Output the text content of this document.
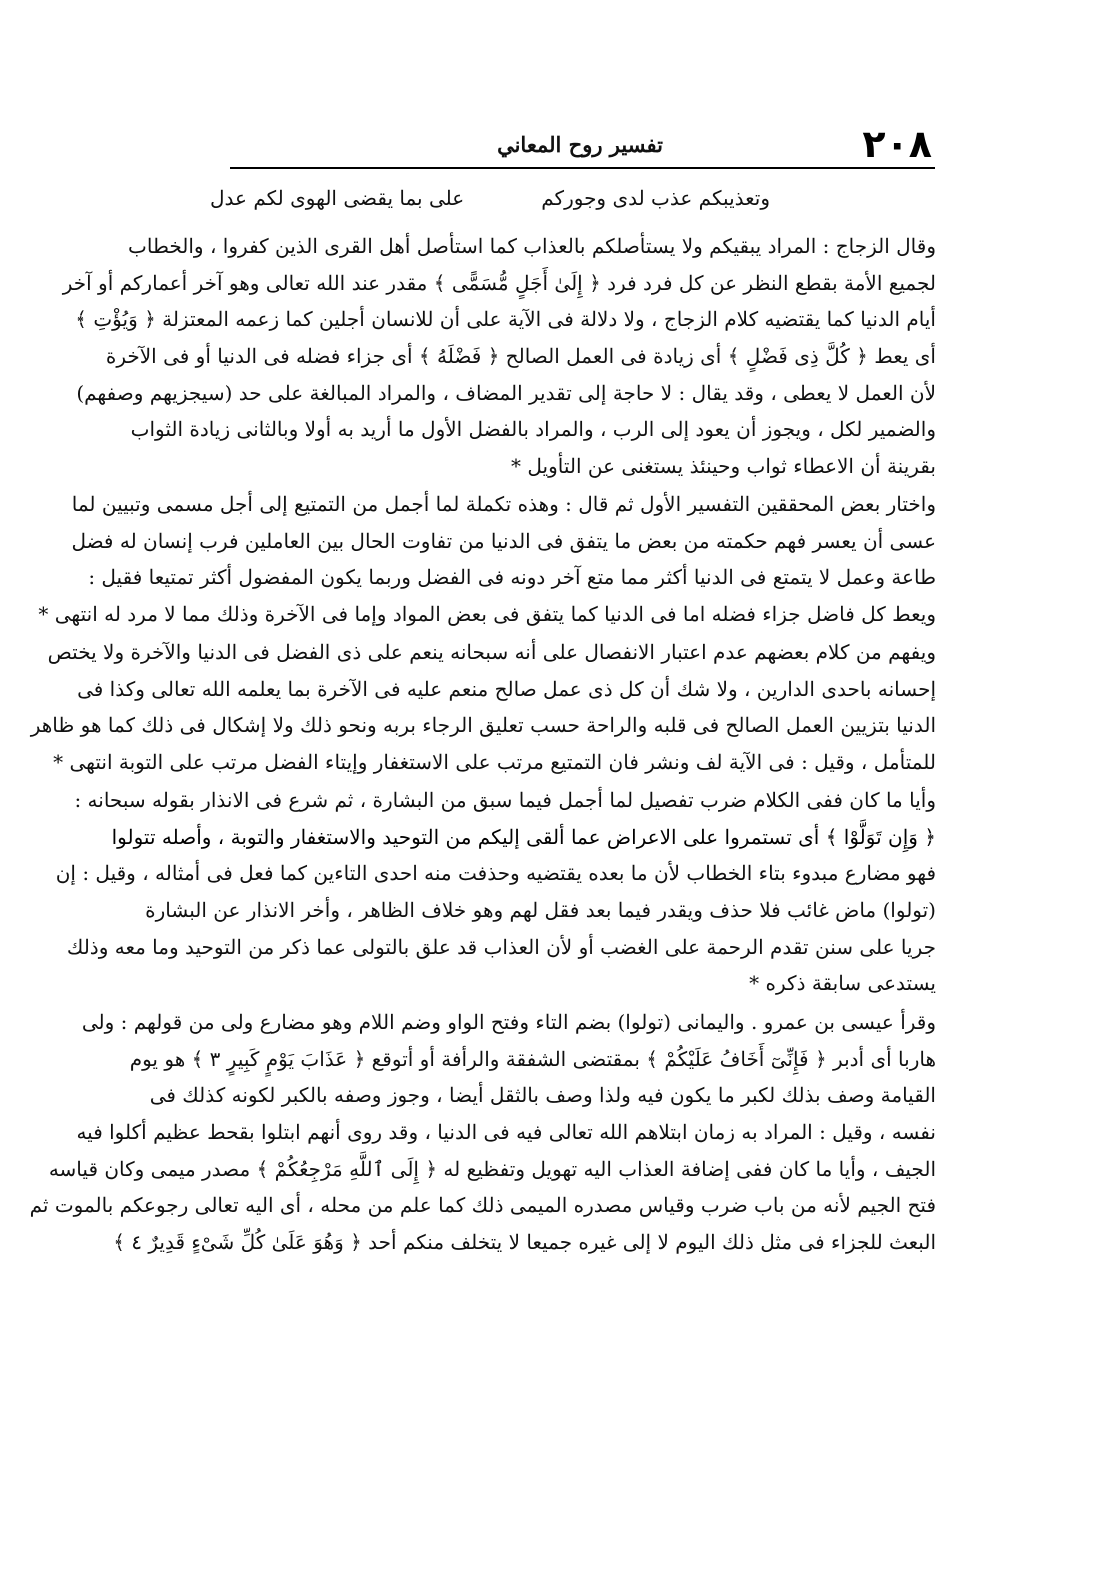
٢٠٨
تفسير روح المعاني
وتعذيبكم عذب لدى وجوركم
على بما يقضى الهوى لكم عدل
وقال الزجاج : المراد يبقيكم ولا يستأصلكم بالعذاب كما استأصل أهل القرى الذين كفروا ، والخطاب
لجميع الأمة بقطع النظر عن كل فرد فرد ﴿ إِلَىٰ أَجَلٍ مُّسَمًّى ﴾ مقدر عند الله تعالى وهو آخر أعماركم أو آخر
أيام الدنيا كما يقتضيه كلام الزجاج ، ولا دلالة فى الآية على أن للانسان أجلين كما زعمه المعتزلة ﴿ وَيُؤْتِ ﴾
أى يعط ﴿ كُلَّ ذِى فَضْلٍ ﴾ أى زيادة فى العمل الصالح ﴿ فَضْلَهُ ﴾ أى جزاء فضله فى الدنيا أو فى الآخرة
لأن العمل لا يعطى ، وقد يقال : لا حاجة إلى تقدير المضاف ، والمراد المبالغة على حد (سيجزيهم وصفهم)
والضمير لكل ، ويجوز أن يعود إلى الرب ، والمراد بالفضل الأول ما أريد به أولا وبالثانى زيادة الثواب
بقرينة أن الاعطاء ثواب وحينئذ يستغنى عن التأويل *
واختار بعض المحققين التفسير الأول ثم قال : وهذه تكملة لما أجمل من التمتيع إلى أجل مسمى وتبيين لما
عسى أن يعسر فهم حكمته من بعض ما يتفق فى الدنيا من تفاوت الحال بين العاملين فرب إنسان له فضل
طاعة وعمل لا يتمتع فى الدنيا أكثر مما متع آخر دونه فى الفضل وربما يكون المفضول أكثر تمتيعا فقيل :
ويعط كل فاضل جزاء فضله اما فى الدنيا كما يتفق فى بعض المواد وإما فى الآخرة وذلك مما لا مرد له انتهى *
ويفهم من كلام بعضهم عدم اعتبار الانفصال على أنه سبحانه ينعم على ذى الفضل فى الدنيا والآخرة ولا يختص
إحسانه باحدى الدارين ، ولا شك أن كل ذى عمل صالح منعم عليه فى الآخرة بما يعلمه الله تعالى وكذا فى
الدنيا بتزيين العمل الصالح فى قلبه والراحة حسب تعليق الرجاء بربه ونحو ذلك ولا إشكال فى ذلك كما هو ظاهر
للمتأمل ، وقيل : فى الآية لف ونشر فان التمتيع مرتب على الاستغفار وإيتاء الفضل مرتب على التوبة انتهى *
وأيا ما كان ففى الكلام ضرب تفصيل لما أجمل فيما سبق من البشارة ، ثم شرع فى الانذار بقوله سبحانه :
﴿ وَإِن تَوَلَّوْا ﴾ أى تستمروا على الاعراض عما ألقى إليكم من التوحيد والاستغفار والتوبة ، وأصله تتولوا
فهو مضارع مبدوء بتاء الخطاب لأن ما بعده يقتضيه وحذفت منه احدى التاءين كما فعل فى أمثاله ، وقيل : إن
(تولوا) ماض غائب فلا حذف ويقدر فيما بعد فقل لهم وهو خلاف الظاهر ، وأخر الانذار عن البشارة
جريا على سنن تقدم الرحمة على الغضب أو لأن العذاب قد علق بالتولى عما ذكر من التوحيد وما معه وذلك
يستدعى سابقة ذكره *
وقرأ عيسى بن عمرو . واليمانى (تولوا) بضم التاء وفتح الواو وضم اللام وهو مضارع ولى من قولهم : ولى
هاربا أى أدبر ﴿ فَإِنِّىٓ أَخَافُ عَلَيْكُمْ ﴾ بمقتضى الشفقة والرأفة أو أتوقع ﴿ عَذَابَ يَوْمٍ كَبِيرٍ ٣ ﴾ هو يوم
القيامة وصف بذلك لكبر ما يكون فيه ولذا وصف بالثقل أيضا ، وجوز وصفه بالكبر لكونه كذلك فى
نفسه ، وقيل : المراد به زمان ابتلاهم الله تعالى فيه فى الدنيا ، وقد روى أنهم ابتلوا بقحط عظيم أكلوا فيه
الجيف ، وأيا ما كان ففى إضافة العذاب اليه تهويل وتفظيع له ﴿ إِلَى ٱللَّهِ مَرْجِعُكُمْ ﴾ مصدر ميمى وكان قياسه
فتح الجيم لأنه من باب ضرب وقياس مصدره الميمى ذلك كما علم من محله ، أى اليه تعالى رجوعكم بالموت ثم
البعث للجزاء فى مثل ذلك اليوم لا إلى غيره جميعا لا يتخلف منكم أحد ﴿ وَهُوَ عَلَىٰ كُلِّ شَىْءٍ قَدِيرٌ ٤ ﴾
